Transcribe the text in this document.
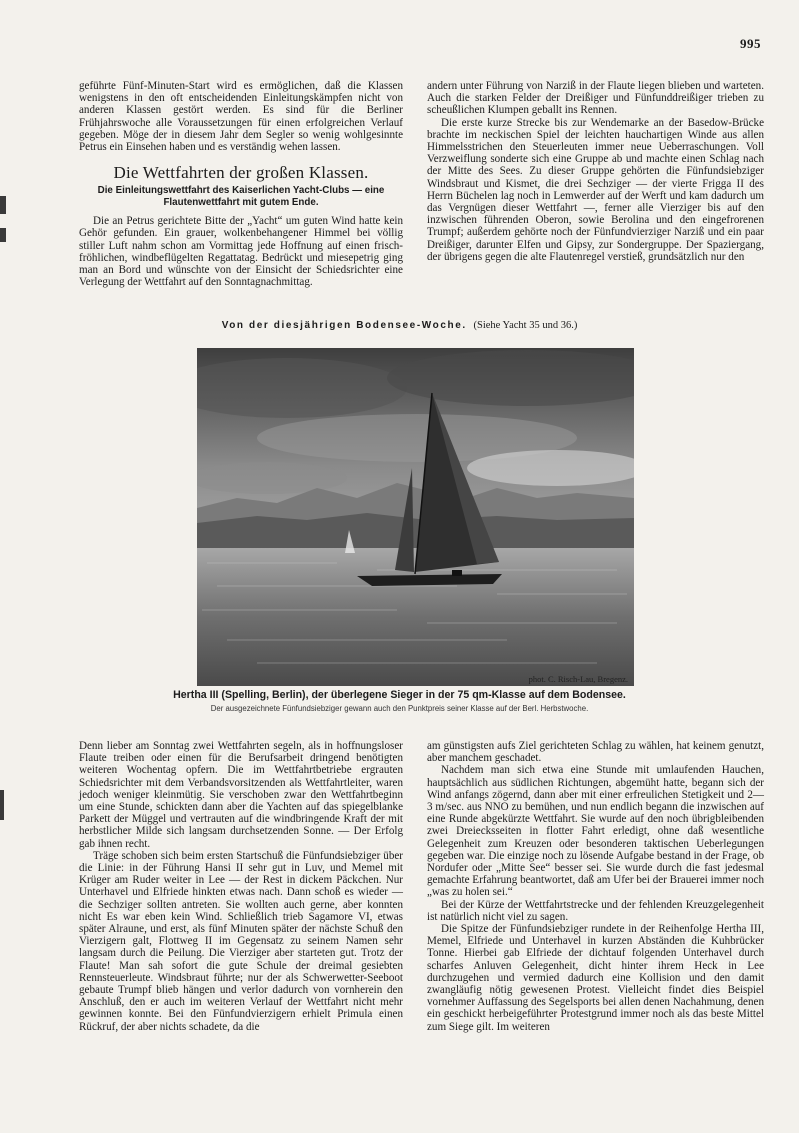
995

geführte Fünf-Minuten-Start wird es ermöglichen, daß die Klassen wenigstens in den oft entscheidenden Einleitungskämpfen nicht von anderen Klassen gestört werden. Es sind für die Berliner Frühjahrswoche alle Voraussetzungen für einen erfolgreichen Verlauf gegeben. Möge der in diesem Jahr dem Segler so wenig wohlgesinnte Petrus ein Einsehen haben und es verständig wehen lassen.

Die Wettfahrten der großen Klassen.
Die Einleitungswettfahrt des Kaiserlichen Yacht-Clubs — eine Flautenwettfahrt mit gutem Ende.

Die an Petrus gerichtete Bitte der „Yacht“ um guten Wind hatte kein Gehör gefunden. Ein grauer, wolkenbehangener Himmel bei völlig stiller Luft nahm schon am Vormittag jede Hoffnung auf einen frisch-fröhlichen, windbeflügelten Regattatag. Bedrückt und miesepetrig ging man an Bord und wünschte von der Einsicht der Schiedsrichter eine Verlegung der Wettfahrt auf den Sonntagnachmittag.

andern unter Führung von Narziß in der Flaute liegen blieben und warteten. Auch die starken Felder der Dreißiger und Fünfunddreißiger trieben zu scheußlichen Klumpen geballt ins Rennen.

Die erste kurze Strecke bis zur Wendemarke an der Basedow-Brücke brachte im neckischen Spiel der leichten hauchartigen Winde aus allen Himmelsstrichen den Steuerleuten immer neue Ueberraschungen. Voll Verzweiflung sonderte sich eine Gruppe ab und machte einen Schlag nach der Mitte des Sees. Zu dieser Gruppe gehörten die Fünfundsiebziger Windsbraut und Kismet, die drei Sechziger — der vierte Frigga II des Herrn Büchelen lag noch in Lemwerder auf der Werft und kam dadurch um das Vergnügen dieser Wettfahrt —, ferner alle Vierziger bis auf den inzwischen führenden Oberon, sowie Berolina und den eingefrorenen Trumpf; außerdem gehörte noch der Fünfundvierziger Narziß und ein paar Dreißiger, darunter Elfen und Gipsy, zur Sondergruppe. Der Spaziergang, der übrigens gegen die alte Flautenregel verstieß, grundsätzlich nur den

Von der diesjährigen Bodensee-Woche. (Siehe Yacht 35 und 36.)
phot. C. Risch-Lau, Bregenz.
Hertha III (Spelling, Berlin), der überlegene Sieger in der 75 qm-Klasse auf dem Bodensee.
Der ausgezeichnete Fünfundsiebziger gewann auch den Punktpreis seiner Klasse auf der Berl. Herbstwoche.

Denn lieber am Sonntag zwei Wettfahrten segeln, als in hoffnungsloser Flaute treiben oder einen für die Berufsarbeit dringend benötigten weiteren Wochentag opfern. Die im Wettfahrtbetriebe ergrauten Schiedsrichter mit dem Verbandsvorsitzenden als Wettfahrtleiter, waren jedoch weniger kleinmütig. Sie verschoben zwar den Wettfahrtbeginn um eine Stunde, schickten dann aber die Yachten auf das spiegelblanke Parkett der Müggel und vertrauten auf die windbringende Kraft der mit herbstlicher Milde sich langsam durchsetzenden Sonne. — Der Erfolg gab ihnen recht.

Träge schoben sich beim ersten Startschuß die Fünfundsiebziger über die Linie: in der Führung Hansi II sehr gut in Luv, und Memel mit Krüger am Ruder weiter in Lee — der Rest in dickem Päckchen. Nur Unterhavel und Elfriede hinkten etwas nach. Dann schoß es wieder — die Sechziger sollten antreten. Sie wollten auch gerne, aber konnten nicht Es war eben kein Wind. Schließlich trieb Sagamore VI, etwas später Alraune, und erst, als fünf Minuten später der nächste Schuß den Vierzigern galt, Flottweg II im Gegensatz zu seinem Namen sehr langsam durch die Peilung. Die Vierziger aber starteten gut. Trotz der Flaute! Man sah sofort die gute Schule der dreimal gesiebten Rennsteuerleute. Windsbraut führte; nur der als Schwerwetter-Seeboot gebaute Trumpf blieb hängen und verlor dadurch von vornherein den Anschluß, den er auch im weiteren Verlauf der Wettfahrt nicht mehr gewinnen konnte. Bei den Fünfundvierzigern erhielt Primula einen Rückruf, der aber nichts schadete, da die

am günstigsten aufs Ziel gerichteten Schlag zu wählen, hat keinem genutzt, aber manchem geschadet.

Nachdem man sich etwa eine Stunde mit umlaufenden Hauchen, hauptsächlich aus südlichen Richtungen, abgemüht hatte, begann sich der Wind anfangs zögernd, dann aber mit einer erfreulichen Stetigkeit und 2—3 m/sec. aus NNO zu bemühen, und nun endlich begann die inzwischen auf eine Runde abgekürzte Wettfahrt. Sie wurde auf den noch übrigbleibenden zwei Dreiecksseiten in flotter Fahrt erledigt, ohne daß wesentliche Gelegenheit zum Kreuzen oder besonderen taktischen Ueberlegungen gegeben war. Die einzige noch zu lösende Aufgabe bestand in der Frage, ob Nordufer oder „Mitte See“ besser sei. Sie wurde durch die fast jedesmal gemachte Erfahrung beantwortet, daß am Ufer bei der Brauerei immer noch „was zu holen sei.“

Bei der Kürze der Wettfahrtstrecke und der fehlenden Kreuzgelegenheit ist natürlich nicht viel zu sagen.

Die Spitze der Fünfundsiebziger rundete in der Reihenfolge Hertha III, Memel, Elfriede und Unterhavel in kurzen Abständen die Kuhbrücker Tonne. Hierbei gab Elfriede der dichtauf folgenden Unterhavel durch scharfes Anluven Gelegenheit, dicht hinter ihrem Heck in Lee durchzugehen und vermied dadurch eine Kollision und den damit zwangläufig nötig gewesenen Protest. Vielleicht findet dies Beispiel vornehmer Auffassung des Segelsports bei allen denen Nachahmung, denen ein geschickt herbeigeführter Protestgrund immer noch als das beste Mittel zum Siege gilt. Im weiteren
